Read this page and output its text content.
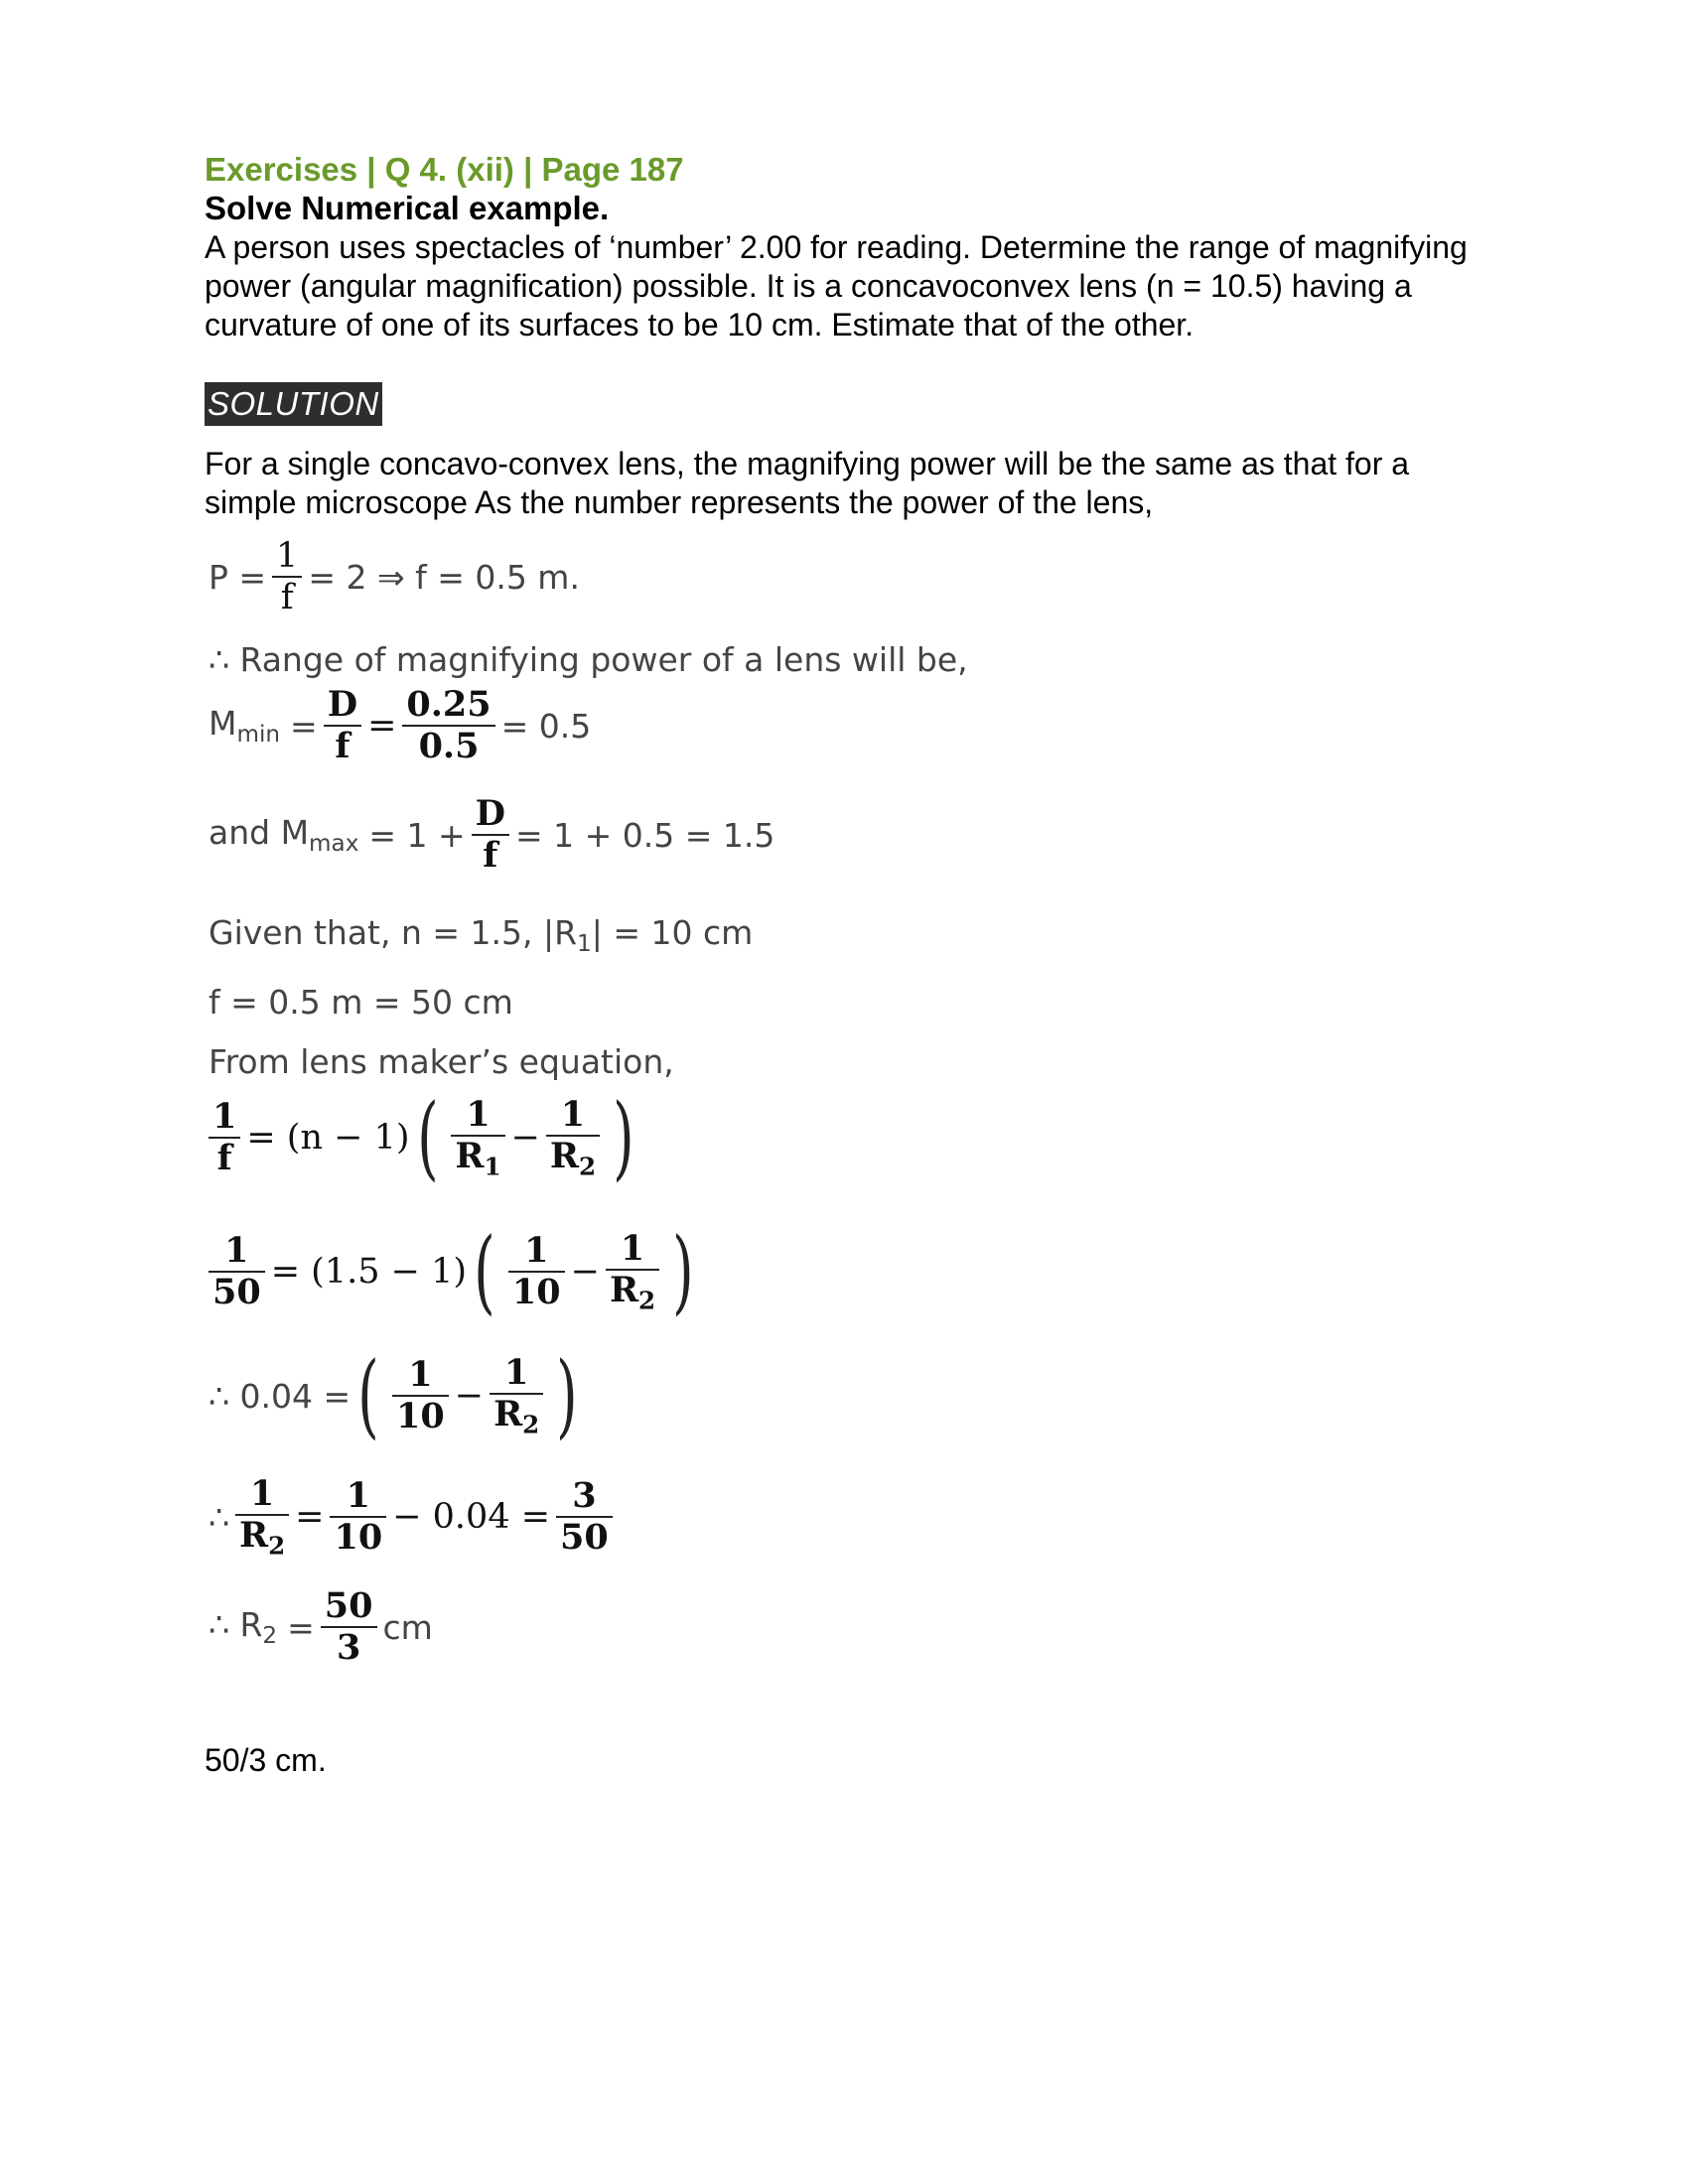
Exercises | Q 4. (xii) | Page 187
Solve Numerical example.
A person uses spectacles of ‘number’ 2.00 for reading. Determine the range of magnifying power (angular magnification) possible. It is a concavoconvex lens (n = 10.5) having a curvature of one of its surfaces to be 10 cm. Estimate that of the other.
SOLUTION
For a single concavo-convex lens, the magnifying power will be the same as that for a simple microscope As the number represents the power of the lens,
$P = \frac{1}{f} = 2$ ⇒ f = 0.5 m.
∴ Range of magnifying power of a lens will be,
$M_{min} = \frac{D}{f} = \frac{0.25}{0.5} = 0.5$
and $M_{max} = 1 + \frac{D}{f} = 1 + 0.5 = 1.5$
Given that, n = 1.5, $|R_1| = 10$ cm
f = 0.5 m = 50 cm
From lens maker’s equation,
$\frac{1}{f} = (n - 1)$ ( $\frac{1}{R_1} - \frac{1}{R_2}$ )
$\frac{1}{50} = (1.5 - 1)$ ( $\frac{1}{10} - \frac{1}{R_2}$ )
∴ 0.04 = ( $\frac{1}{10} - \frac{1}{R_2}$ )
∴ $\frac{1}{R_2} = \frac{1}{10} - 0.04 = \frac{3}{50}$
∴ $R_2 = \frac{50}{3}$ cm
50/3 cm.
